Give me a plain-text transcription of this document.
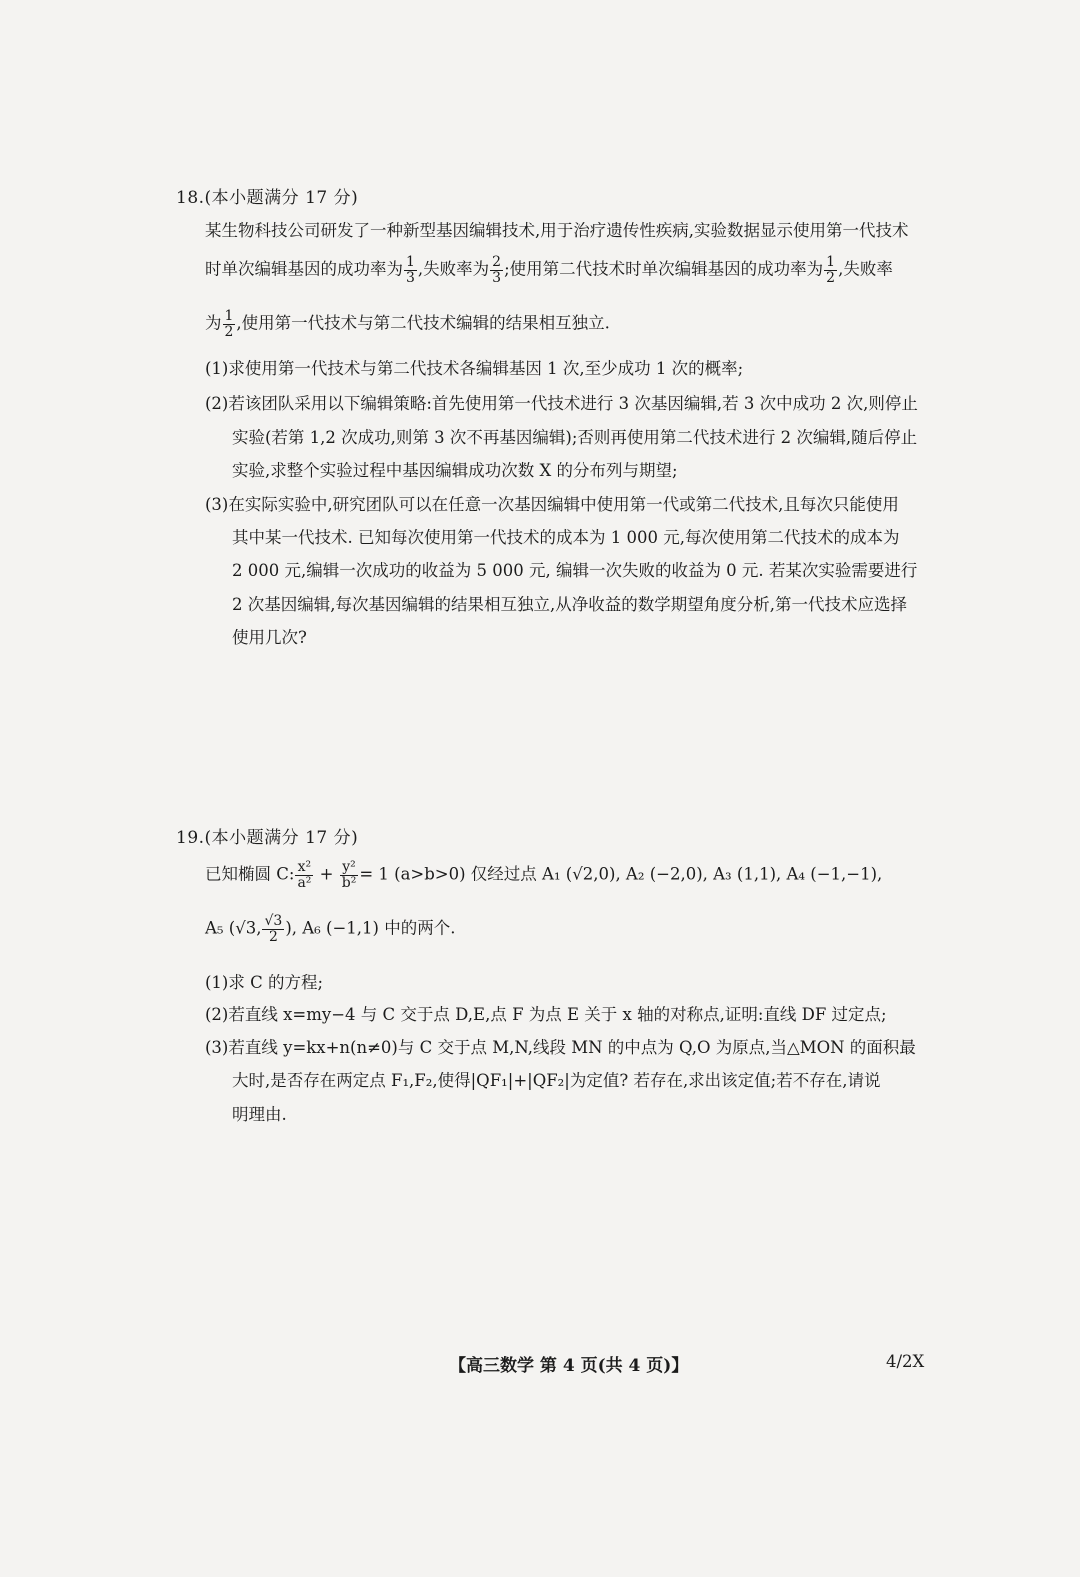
18.(本小题满分 17 分)
某生物科技公司研发了一种新型基因编辑技术,用于治疗遗传性疾病,实验数据显示使用第一代技术
时单次编辑基因的成功率为 $\frac{1}{3}$ ,失败率为 $\frac{2}{3}$ ;使用第二代技术时单次编辑基因的成功率为 $\frac{1}{2}$ ,失败率
为 $\frac{1}{2}$ ,使用第一代技术与第二代技术编辑的结果相互独立.
(1)求使用第一代技术与第二代技术各编辑基因 1 次,至少成功 1 次的概率;
(2)若该团队采用以下编辑策略:首先使用第一代技术进行 3 次基因编辑,若 3 次中成功 2 次,则停止
实验(若第 1,2 次成功,则第 3 次不再基因编辑);否则再使用第二代技术进行 2 次编辑,随后停止
实验,求整个实验过程中基因编辑成功次数 X 的分布列与期望;
(3)在实际实验中,研究团队可以在任意一次基因编辑中使用第一代或第二代技术,且每次只能使用
其中某一代技术. 已知每次使用第一代技术的成本为 1 000 元,每次使用第二代技术的成本为
2 000 元,编辑一次成功的收益为 5 000 元, 编辑一次失败的收益为 0 元. 若某次实验需要进行
2 次基因编辑,每次基因编辑的结果相互独立,从净收益的数学期望角度分析,第一代技术应选择
使用几次?
19.(本小题满分 17 分)
已知椭圆 C: $\frac{\text{x²}}{\text{a²}} + \frac{\text{y²}}{\text{b²}} = 1$ (a>b>0) 仅经过点 A₁ (√2,0), A₂ (−2,0), A₃ (1,1), A₄ (−1,−1),
A₅ (√3, $\frac{√3}{2}$ ), A₆ (−1,1) 中的两个.
(1)求 C 的方程;
(2)若直线 x=my−4 与 C 交于点 D,E,点 F 为点 E 关于 x 轴的对称点,证明:直线 DF 过定点;
(3)若直线 y=kx+n(n≠0)与 C 交于点 M,N,线段 MN 的中点为 Q,O 为原点,当△MON 的面积最
大时,是否存在两定点 F₁,F₂,使得|QF₁|+|QF₂|为定值? 若存在,求出该定值;若不存在,请说
明理由.
【高三数学 第 4 页(共 4 页)】	4/2X
